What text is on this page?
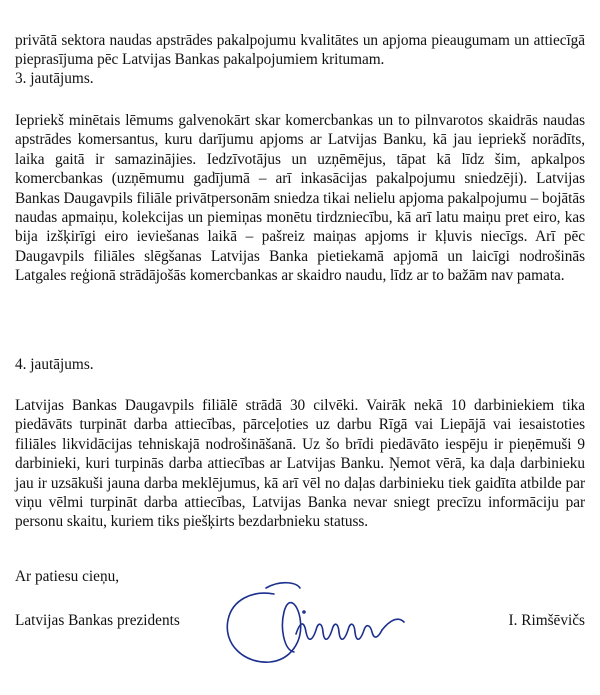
privātā sektora naudas apstrādes pakalpojumu kvalitātes un apjoma pieaugumam un attiecīgā pieprasījuma pēc Latvijas Bankas pakalpojumiem kritumam.

3. jautājums.

Iepriekš minētais lēmums galvenokārt skar komercbankas un to pilnvarotos skaidrās naudas apstrādes komersantus, kuru darījumu apjoms ar Latvijas Banku, kā jau iepriekš norādīts, laika gaitā ir samazinājies. Iedzīvotājus un uzņēmējus, tāpat kā līdz šim, apkalpos komercbankas (uzņēmumu gadījumā – arī inkasācijas pakalpojumu sniedzēji). Latvijas Bankas Daugavpils filiāle privātpersonām sniedza tikai nelielu apjoma pakalpojumu – bojātās naudas apmaiņu, kolekcijas un piemiņas monētu tirdzniecību, kā arī latu maiņu pret eiro, kas bija izšķirīgi eiro ieviešanas laikā – pašreiz maiņas apjoms ir kļuvis niecīgs. Arī pēc Daugavpils filiāles slēgšanas Latvijas Banka pietiekamā apjomā un laicīgi nodrošinās Latgales reģionā strādājošās komercbankas ar skaidro naudu, līdz ar to bažām nav pamata.

4. jautājums.

Latvijas Bankas Daugavpils filiālē strādā 30 cilvēki. Vairāk nekā 10 darbiniekiem tika piedāvāts turpināt darba attiecības, pārceļoties uz darbu Rīgā vai Liepājā vai iesaistoties filiāles likvidācijas tehniskajā nodrošināšanā. Uz šo brīdi piedāvāto iespēju ir pieņēmuši 9 darbinieki, kuri turpinās darba attiecības ar Latvijas Banku. Ņemot vērā, ka daļa darbinieku jau ir uzsākuši jauna darba meklējumus, kā arī vēl no daļas darbinieku tiek gaidīta atbilde par viņu vēlmi turpināt darba attiecības, Latvijas Banka nevar sniegt precīzu informāciju par personu skaitu, kuriem tiks piešķirts bezdarbnieku statuss.

Ar patiesu cieņu,

Latvijas Bankas prezidents	I. Rimšēvičs
